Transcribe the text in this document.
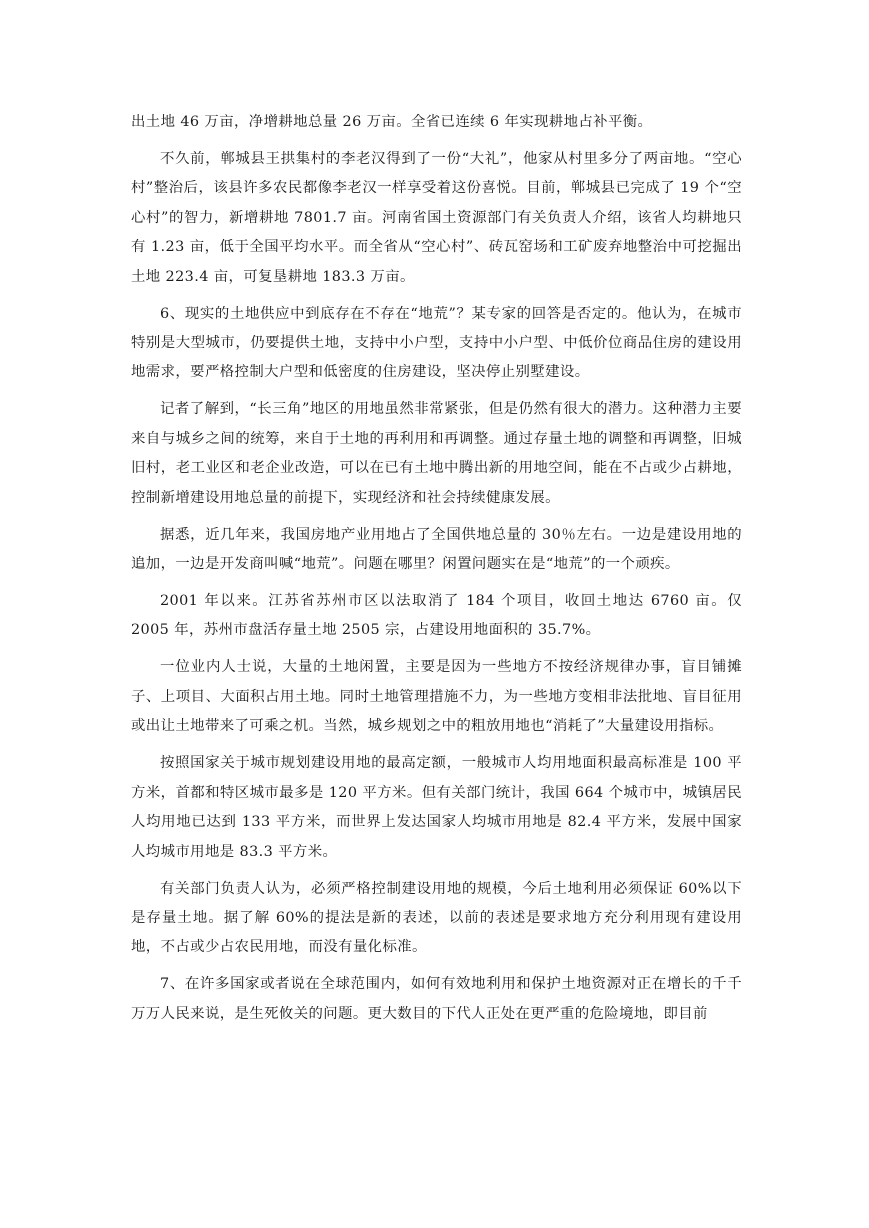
出土地 46 万亩，净增耕地总量 26 万亩。全省已连续 6 年实现耕地占补平衡。

不久前，郸城县王拱集村的李老汉得到了一份“大礼”，他家从村里多分了两亩地。“空心村”整治后，该县许多农民都像李老汉一样享受着这份喜悦。目前，郸城县已完成了 19 个“空心村”的智力，新增耕地 7801.7 亩。河南省国土资源部门有关负责人介绍，该省人均耕地只有 1.23 亩，低于全国平均水平。而全省从“空心村”、砖瓦窑场和工矿废弃地整治中可挖掘出土地 223.4 亩，可复垦耕地 183.3 万亩。

6、现实的土地供应中到底存在不存在“地荒”？某专家的回答是否定的。他认为，在城市特别是大型城市，仍要提供土地，支持中小户型，支持中小户型、中低价位商品住房的建设用地需求，要严格控制大户型和低密度的住房建设，坚决停止别墅建设。

记者了解到，“长三角”地区的用地虽然非常紧张，但是仍然有很大的潜力。这种潜力主要来自与城乡之间的统筹，来自于土地的再利用和再调整。通过存量土地的调整和再调整，旧城旧村，老工业区和老企业改造，可以在已有土地中腾出新的用地空间，能在不占或少占耕地，控制新增建设用地总量的前提下，实现经济和社会持续健康发展。

据悉，近几年来，我国房地产业用地占了全国供地总量的 30％左右。一边是建设用地的追加，一边是开发商叫喊“地荒”。问题在哪里？闲置问题实在是“地荒”的一个顽疾。

2001 年以来。江苏省苏州市区以法取消了 184 个项目，收回土地达 6760 亩。仅 2005 年，苏州市盘活存量土地 2505 宗，占建设用地面积的 35.7%。

一位业内人士说，大量的土地闲置，主要是因为一些地方不按经济规律办事，盲目铺摊子、上项目、大面积占用土地。同时土地管理措施不力，为一些地方变相非法批地、盲目征用或出让土地带来了可乘之机。当然，城乡规划之中的粗放用地也“消耗了”大量建设用指标。

按照国家关于城市规划建设用地的最高定额，一般城市人均用地面积最高标准是 100 平方米，首都和特区城市最多是 120 平方米。但有关部门统计，我国 664 个城市中，城镇居民人均用地已达到 133 平方米，而世界上发达国家人均城市用地是 82.4 平方米，发展中国家人均城市用地是 83.3 平方米。

有关部门负责人认为，必须严格控制建设用地的规模，今后土地利用必须保证 60%以下是存量土地。据了解 60%的提法是新的表述，以前的表述是要求地方充分利用现有建设用地，不占或少占农民用地，而没有量化标准。

7、在许多国家或者说在全球范围内，如何有效地利用和保护土地资源对正在增长的千千万万人民来说，是生死攸关的问题。更大数目的下代人正处在更严重的危险境地，即目前
